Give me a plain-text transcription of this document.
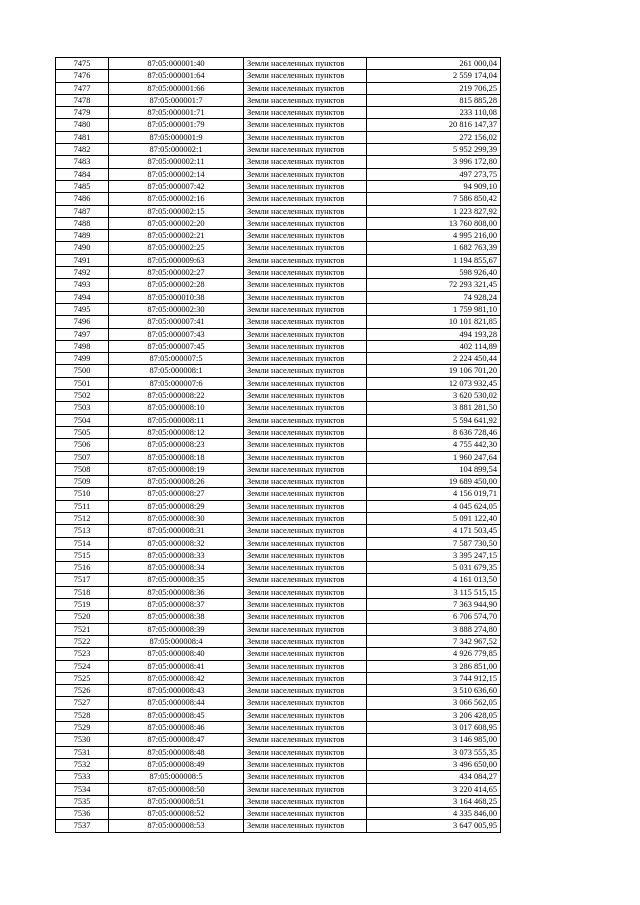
7475	87:05:000001:40	Земли населенных пунктов	261 000,04
7476	87:05:000001:64	Земли населенных пунктов	2 559 174,04
7477	87:05:000001:66	Земли населенных пунктов	219 706,25
7478	87:05:000001:7	Земли населенных пунктов	815 885,28
7479	87:05:000001:71	Земли населенных пунктов	233 110,08
7480	87:05:000001:79	Земли населенных пунктов	20 816 147,37
7481	87:05:000001:9	Земли населенных пунктов	272 156,02
7482	87:05:000002:1	Земли населенных пунктов	5 952 299,39
7483	87:05:000002:11	Земли населенных пунктов	3 996 172,80
7484	87:05:000002:14	Земли населенных пунктов	497 273,75
7485	87:05:000007:42	Земли населенных пунктов	94 909,10
7486	87:05:000002:16	Земли населенных пунктов	7 586 850,42
7487	87:05:000002:15	Земли населенных пунктов	1 223 827,92
7488	87:05:000002:20	Земли населенных пунктов	13 760 808,00
7489	87:05:000002:21	Земли населенных пунктов	4 995 216,00
7490	87:05:000002:25	Земли населенных пунктов	1 682 763,39
7491	87:05:000009:63	Земли населенных пунктов	1 194 855,67
7492	87:05:000002:27	Земли населенных пунктов	598 926,40
7493	87:05:000002:28	Земли населенных пунктов	72 293 321,45
7494	87:05:000010:38	Земли населенных пунктов	74 928,24
7495	87:05:000002:30	Земли населенных пунктов	1 759 981,10
7496	87:05:000007:41	Земли населенных пунктов	10 101 821,85
7497	87:05:000007:43	Земли населенных пунктов	494 193,28
7498	87:05:000007:45	Земли населенных пунктов	402 114,89
7499	87:05:000007:5	Земли населенных пунктов	2 224 450,44
7500	87:05:000008:1	Земли населенных пунктов	19 106 701,20
7501	87:05:000007:6	Земли населенных пунктов	12 073 932,45
7502	87:05:000008:22	Земли населенных пунктов	3 620 530,02
7503	87:05:000008:10	Земли населенных пунктов	3 881 281,50
7504	87:05:000008:11	Земли населенных пунктов	5 594 641,92
7505	87:05:000008:12	Земли населенных пунктов	8 636 728,46
7506	87:05:000008:23	Земли населенных пунктов	4 755 442,30
7507	87:05:000008:18	Земли населенных пунктов	1 960 247,64
7508	87:05:000008:19	Земли населенных пунктов	104 899,54
7509	87:05:000008:26	Земли населенных пунктов	19 689 450,00
7510	87:05:000008:27	Земли населенных пунктов	4 156 019,71
7511	87:05:000008:29	Земли населенных пунктов	4 045 624,05
7512	87:05:000008:30	Земли населенных пунктов	5 091 122,40
7513	87:05:000008:31	Земли населенных пунктов	4 171 503,45
7514	87:05:000008:32	Земли населенных пунктов	7 587 730,50
7515	87:05:000008:33	Земли населенных пунктов	3 395 247,15
7516	87:05:000008:34	Земли населенных пунктов	5 031 679,35
7517	87:05:000008:35	Земли населенных пунктов	4 161 013,50
7518	87:05:000008:36	Земли населенных пунктов	3 115 515,15
7519	87:05:000008:37	Земли населенных пунктов	7 363 944,90
7520	87:05:000008:38	Земли населенных пунктов	6 706 574,70
7521	87:05:000008:39	Земли населенных пунктов	3 888 274,80
7522	87:05:000008:4	Земли населенных пунктов	7 342 967,52
7523	87:05:000008:40	Земли населенных пунктов	4 926 779,85
7524	87:05:000008:41	Земли населенных пунктов	3 286 851,00
7525	87:05:000008:42	Земли населенных пунктов	3 744 912,15
7526	87:05:000008:43	Земли населенных пунктов	3 510 636,60
7527	87:05:000008:44	Земли населенных пунктов	3 066 562,05
7528	87:05:000008:45	Земли населенных пунктов	3 206 428,05
7529	87:05:000008:46	Земли населенных пунктов	3 017 608,95
7530	87:05:000008:47	Земли населенных пунктов	3 146 985,00
7531	87:05:000008:48	Земли населенных пунктов	3 073 555,35
7532	87:05:000008:49	Земли населенных пунктов	3 496 650,00
7533	87:05:000008:5	Земли населенных пунктов	434 084,27
7534	87:05:000008:50	Земли населенных пунктов	3 220 414,65
7535	87:05:000008:51	Земли населенных пунктов	3 164 468,25
7536	87:05:000008:52	Земли населенных пунктов	4 335 846,00
7537	87:05:000008:53	Земли населенных пунктов	3 647 005,95
